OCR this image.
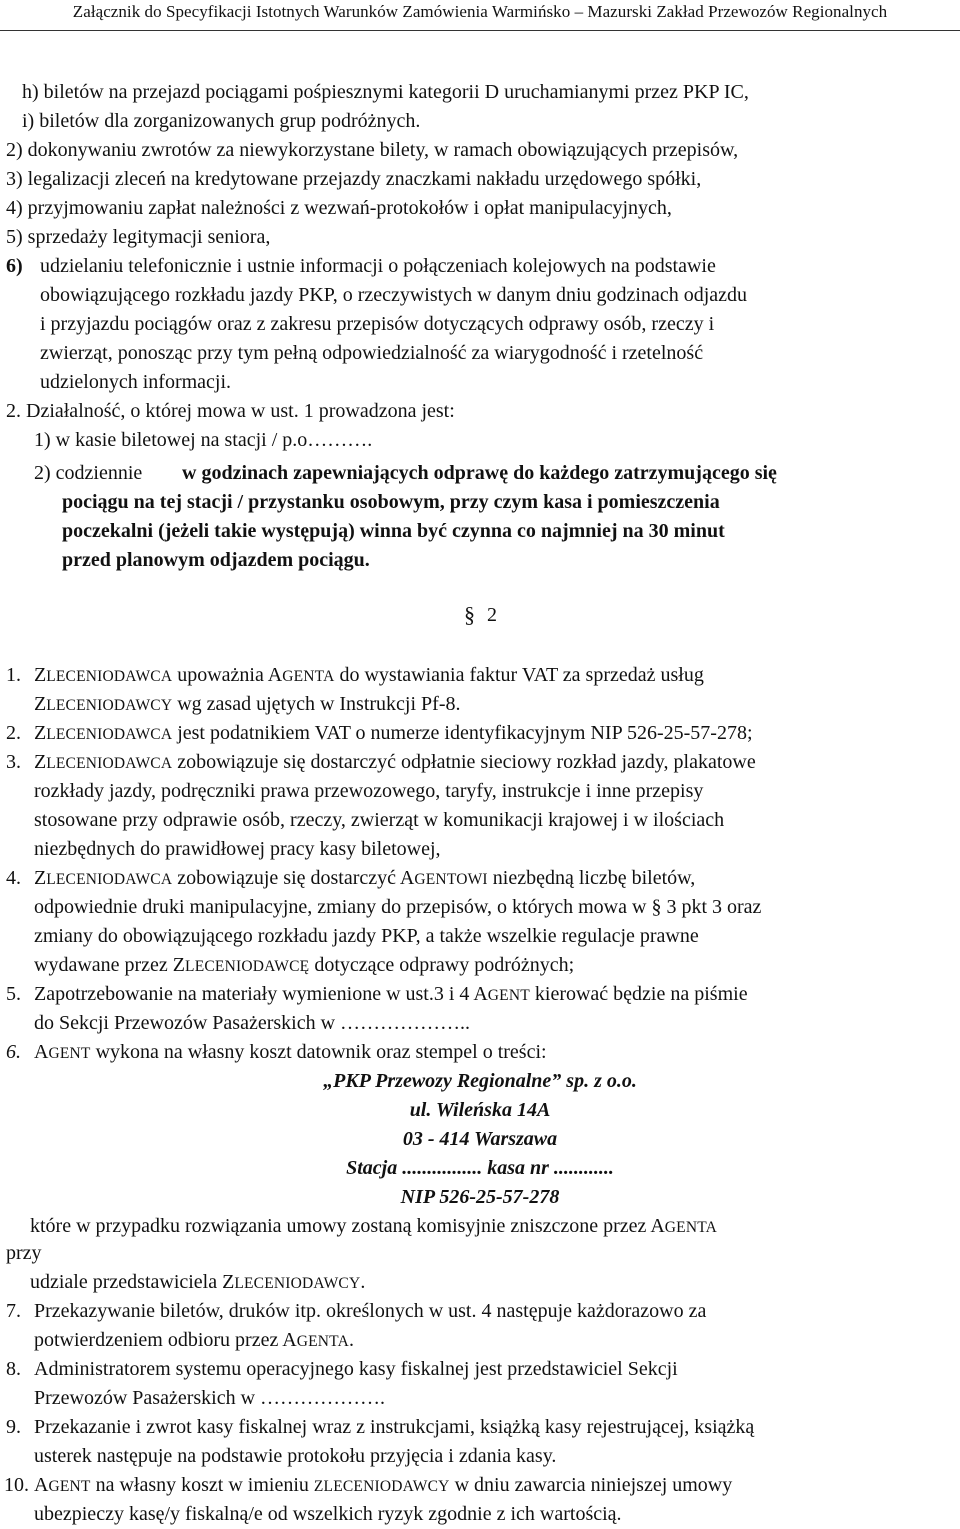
Załącznik do Specyfikacji Istotnych Warunków Zamówienia Warmińsko – Mazurski Zakład Przewozów Regionalnych
h) biletów na przejazd pociągami pośpiesznymi kategorii D uruchamianymi przez PKP IC,
i) biletów dla zorganizowanych grup podróżnych.
2) dokonywaniu zwrotów za niewykorzystane bilety, w ramach obowiązujących przepisów,
3) legalizacji zleceń na kredytowane przejazdy znaczkami nakładu urzędowego spółki,
4) przyjmowaniu zapłat należności z wezwań-protokołów i opłat manipulacyjnych,
5) sprzedaży legitymacji seniora,
6) udzielaniu telefonicznie i ustnie informacji o połączeniach kolejowych na podstawie
obowiązującego rozkładu jazdy PKP, o rzeczywistych w danym dniu godzinach odjazdu
i przyjazdu pociągów oraz z zakresu przepisów dotyczących odprawy osób, rzeczy i
zwierząt, ponosząc przy tym pełną odpowiedzialność za wiarygodność i rzetelność
udzielonych informacji.
2. Działalność, o której mowa w ust. 1 prowadzona jest:
1) w kasie biletowej na stacji / p.o……….
2) codziennie w godzinach zapewniających odprawę do każdego zatrzymującego się
pociągu na tej stacji / przystanku osobowym, przy czym kasa i pomieszczenia
poczekalni (jeżeli takie występują) winna być czynna co najmniej na 30 minut
przed planowym odjazdem pociągu.
§ 2
1. ZLECENIODAWCA upoważnia AGENTA do wystawiania faktur VAT za sprzedaż usług
ZLECENIODAWCY wg zasad ujętych w Instrukcji Pf-8.
2. ZLECENIODAWCA jest podatnikiem VAT o numerze identyfikacyjnym NIP 526-25-57-278;
3. ZLECENIODAWCA zobowiązuje się dostarczyć odpłatnie sieciowy rozkład jazdy, plakatowe
rozkłady jazdy, podręczniki prawa przewozowego, taryfy, instrukcje i inne przepisy
stosowane przy odprawie osób, rzeczy, zwierząt w komunikacji krajowej i w ilościach
niezbędnych do prawidłowej pracy kasy biletowej,
4. ZLECENIODAWCA zobowiązuje się dostarczyć AGENTOWI niezbędną liczbę biletów,
odpowiednie druki manipulacyjne, zmiany do przepisów, o których mowa w § 3 pkt 3 oraz
zmiany do obowiązującego rozkładu jazdy PKP, a także wszelkie regulacje prawne
wydawane przez ZLECENIODAWCĘ dotyczące odprawy podróżnych;
5. Zapotrzebowanie na materiały wymienione w ust.3 i 4 AGENT kierować będzie na piśmie
do Sekcji Przewozów Pasażerskich w ………………..
6. AGENT wykona na własny koszt datownik oraz stempel o treści:
„PKP Przewozy Regionalne” sp. z o.o.
ul. Wileńska 14A
03 - 414 Warszawa
Stacja ................ kasa nr ............
NIP 526-25-57-278
które w przypadku rozwiązania umowy zostaną komisyjnie zniszczone przez AGENTA
przy
udziale przedstawiciela ZLECENIODAWCY.
7. Przekazywanie biletów, druków itp. określonych w ust. 4 następuje każdorazowo za
potwierdzeniem odbioru przez AGENTA.
8. Administratorem systemu operacyjnego kasy fiskalnej jest przedstawiciel Sekcji
Przewozów Pasażerskich w ……………….
9. Przekazanie i zwrot kasy fiskalnej wraz z instrukcjami, książką kasy rejestrującej, książką
usterek następuje na podstawie protokołu przyjęcia i zdania kasy.
10. AGENT na własny koszt w imieniu ZLECENIODAWCY w dniu zawarcia niniejszej umowy
ubezpieczy kasę/y fiskalną/e od wszelkich ryzyk zgodnie z ich wartością.
